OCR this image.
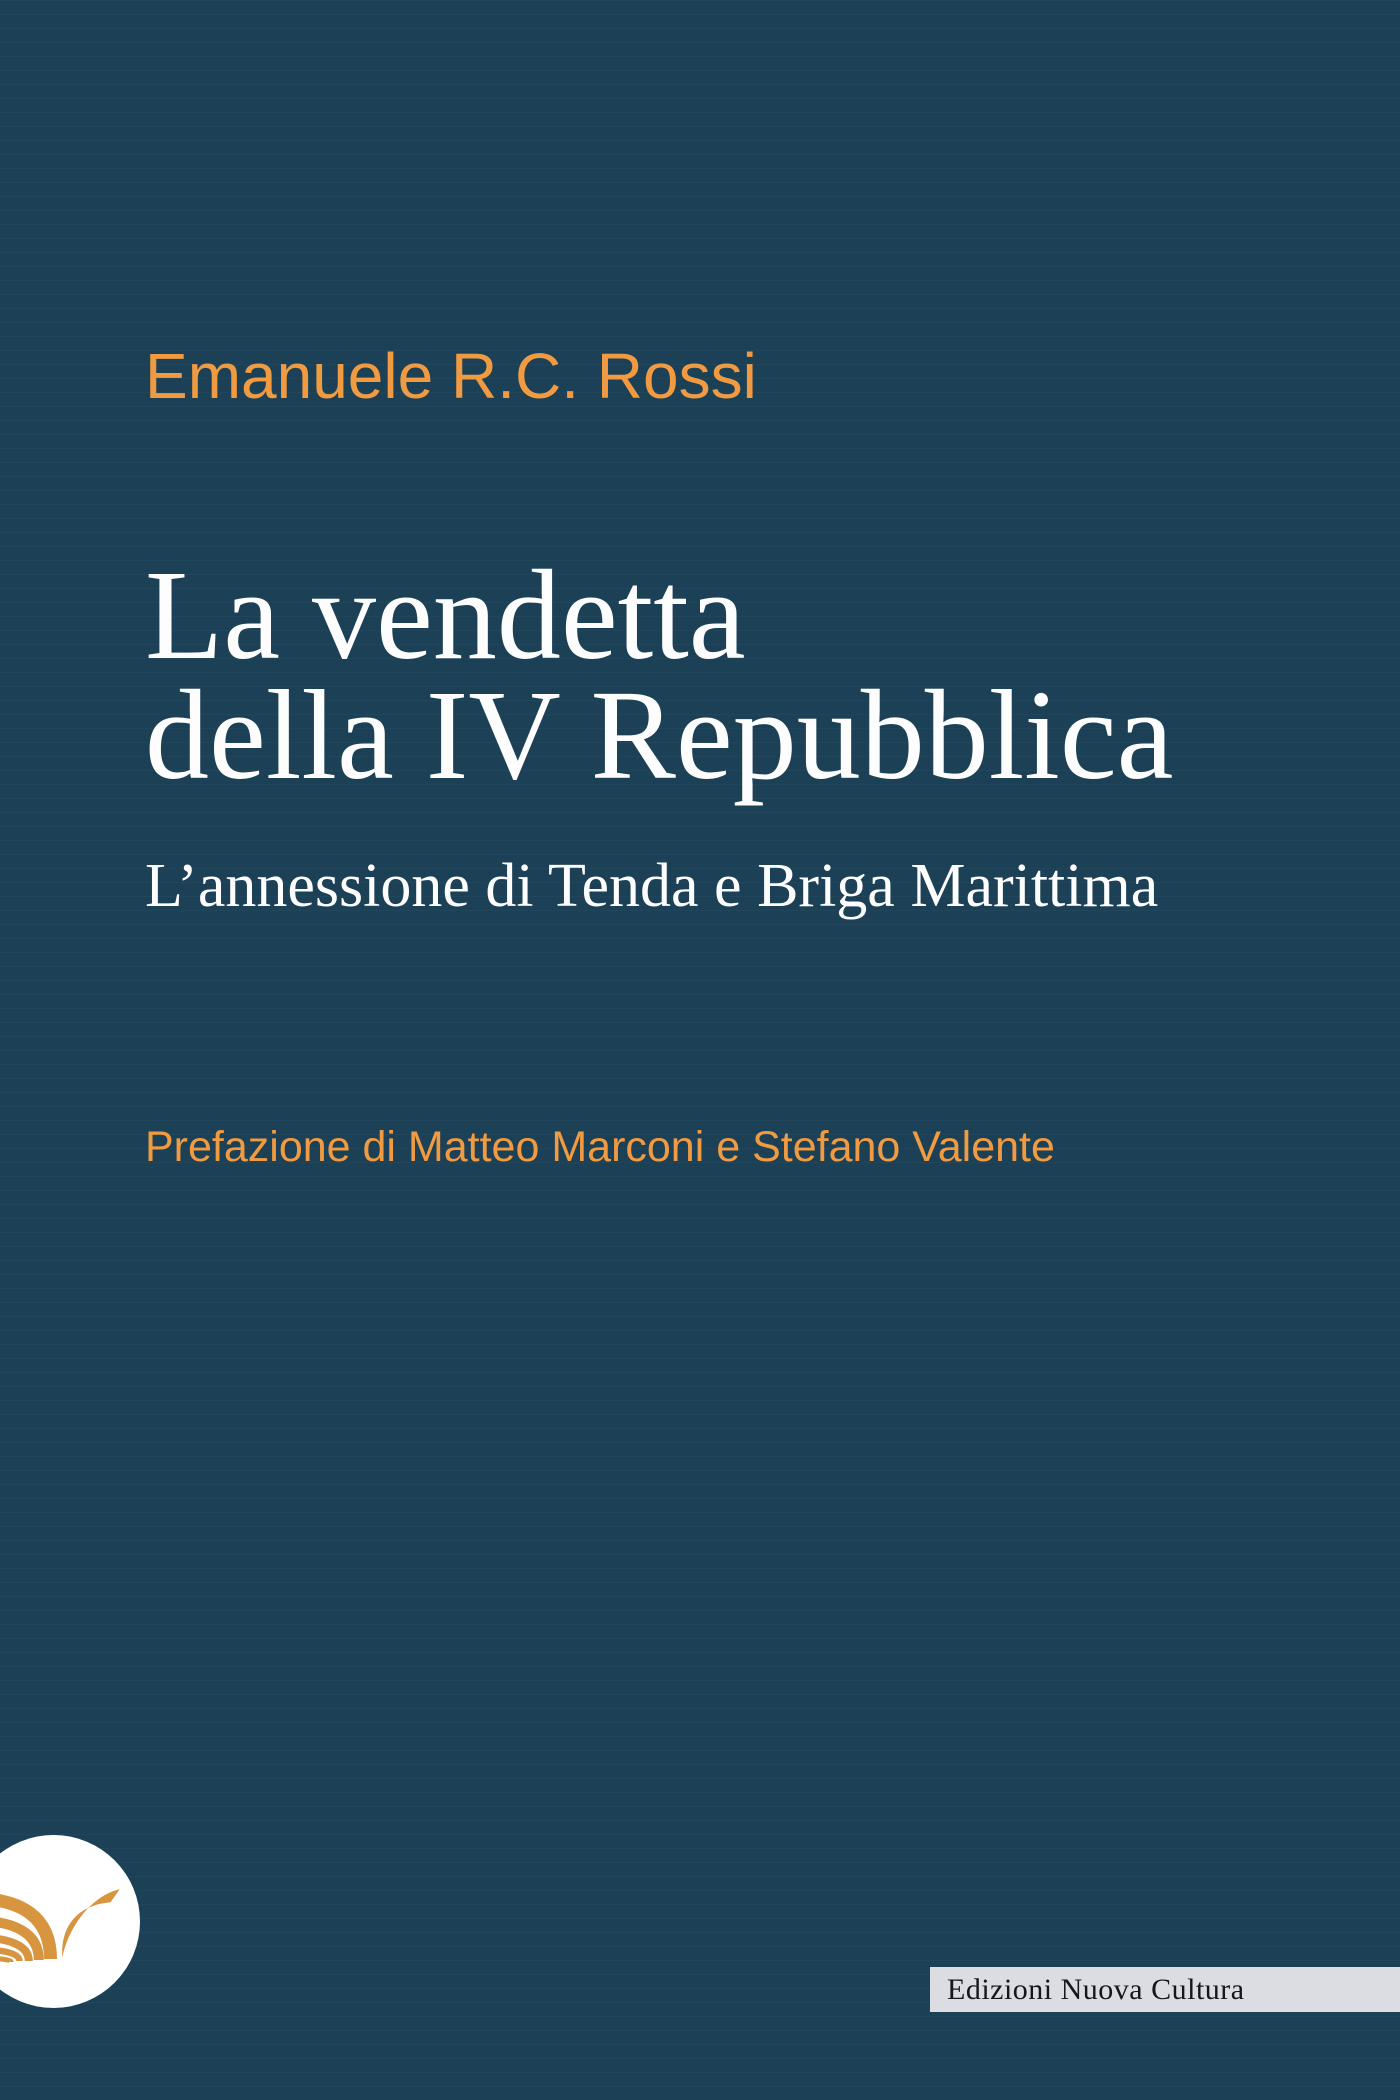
Emanuele R.C. Rossi
La vendetta
della IV Repubblica
L’annessione di Tenda e Briga Marittima
Prefazione di Matteo Marconi e Stefano Valente
Edizioni Nuova Cultura
